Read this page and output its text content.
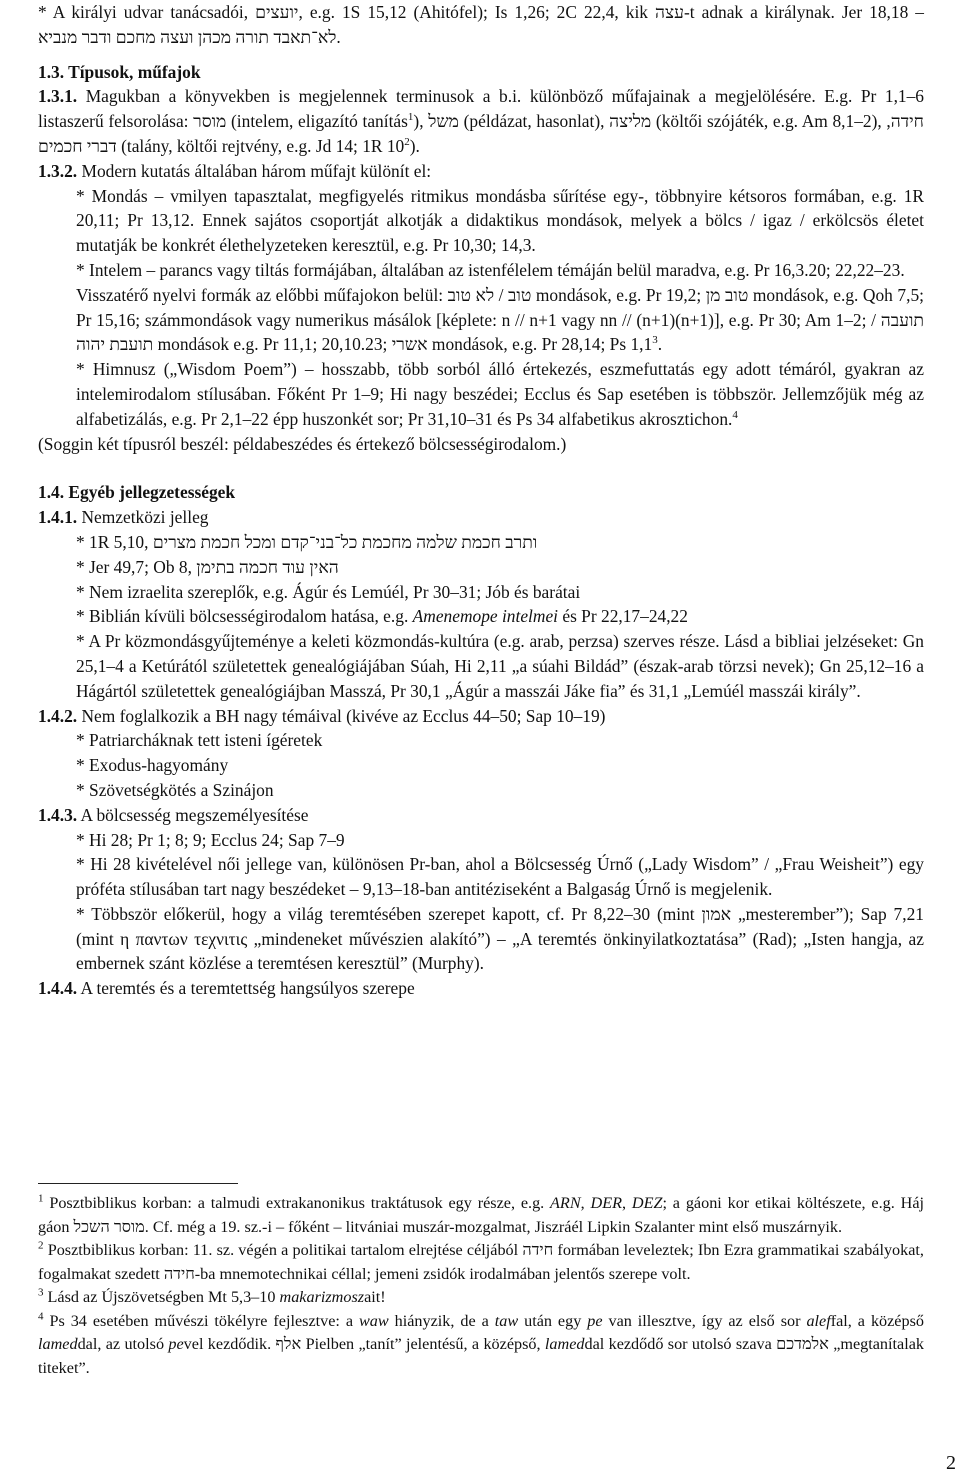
* A királyi udvar tanácsadói, יועצים, e.g. 1S 15,12 (Ahitófel); Is 1,26; 2C 22,4, kik עצה-t adnak a királynak. Jer 18,18 – לא־תאבד תורה מכהן ועצה מחכם ודבר מנביא.

1.3. Típusok, műfajok

1.3.1. Magukban a könyvekben is megjelennek terminusok a b.i. különböző műfajainak a megjelölésére. E.g. Pr 1,1–6 listaszerű felsorolása: מוסר (intelem, eligazító tanítás$^1$), משל (példázat, hasonlat), מליצה (költői szójáték, e.g. Am 8,1–2), חידה, דברי חכמים (talány, költői rejtvény, e.g. Jd 14; 1R $10^2$).

1.3.2. Modern kutatás általában három műfajt különít el:

* Mondás – vmilyen tapasztalat, megfigyelés ritmikus mondásba sűrítése egy-, többnyire kétsoros formában, e.g. 1R 20,11; Pr 13,12. Ennek sajátos csoportját alkotják a didaktikus mondások, melyek a bölcs / igaz / erkölcsös életet mutatják be konkrét élethelyzeteken keresztül, e.g. Pr 10,30; 14,3.

* Intelem – parancs vagy tiltás formájában, általában az istenfélelem témáján belül maradva, e.g. Pr 16,3.20; 22,22–23.

Visszatérő nyelvi formák az előbbi műfajokon belül: טוב / לא טוב mondások, e.g. Pr 19,2; טוב מן mondások, e.g. Qoh 7,5; Pr 15,16; számmondások vagy numerikus másálok [képlete: n // n+1 vagy nn // (n+1)(n+1)], e.g. Pr 30; Am 1–2; תועבה / תועבת יהוה mondások e.g. Pr 11,1; 20,10.23; אשרי mondások, e.g. Pr 28,14; Ps $1,1^3$.

* Himnusz („Wisdom Poem”) – hosszabb, több sorból álló értekezés, eszmefuttatás egy adott témáról, gyakran az intelemirodalom stílusában. Főként Pr 1–9; Hi nagy beszédei; Ecclus és Sap esetében is többször. Jellemzőjük még az alfabetizálás, e.g. Pr 2,1–22 épp huszonkét sor; Pr 31,10–31 és Ps 34 alfabetikus akrosztichon.$^4$

(Soggin két típusról beszél: példabeszédes és értekező bölcsességirodalom.)

1.4. Egyéb jellegzetességek

1.4.1. Nemzetközi jelleg

* 1R 5,10, ותרב חכמת שלמה מחכמת כל־בני־קדם ומכל חכמת מצרים

* Jer 49,7; Ob 8, האין עוד חכמה בתימן

* Nem izraelita szereplők, e.g. Ágúr és Lemúél, Pr 30–31; Jób és barátai

* Biblián kívüli bölcsességirodalom hatása, e.g. Amenemope intelmei és Pr 22,17–24,22

* A Pr közmondásgyűjteménye a keleti közmondás-kultúra (e.g. arab, perzsa) szerves része. Lásd a bibliai jelzéseket: Gn 25,1–4 a Ketúrától születettek genealógiájában Súah, Hi 2,11 „a súahi Bildád” (észak-arab törzsi nevek); Gn 25,12–16 a Hágártól születettek genealógiájban Masszá, Pr 30,1 „Ágúr a masszái Jáke fia” és 31,1 „Lemúél masszái király”.

1.4.2. Nem foglalkozik a BH nagy témáival (kivéve az Ecclus 44–50; Sap 10–19)

* Patriarcháknak tett isteni ígéretek

* Exodus-hagyomány

* Szövetségkötés a Szinájon

1.4.3. A bölcsesség megszemélyesítése

* Hi 28; Pr 1; 8; 9; Ecclus 24; Sap 7–9

* Hi 28 kivételével női jellege van, különösen Pr-ban, ahol a Bölcsesség Úrnő („Lady Wisdom” / „Frau Weisheit”) egy próféta stílusában tart nagy beszédeket – 9,13–18-ban antitéziseként a Balgaság Úrnő is megjelenik.

* Többször előkerül, hogy a világ teremtésében szerepet kapott, cf. Pr 8,22–30 (mint אמון „mesterember”); Sap 7,21 (mint η παντων τεχνιτις „mindeneket művészien alakító”) – „A teremtés önkinyilatkoztatása” (Rad); „Isten hangja, az embernek szánt közlése a teremtésen keresztül” (Murphy).

1.4.4. A teremtés és a teremtettség hangsúlyos szerepe

$^1$ Posztbiblikus korban: a talmudi extrakanonikus traktátusok egy része, e.g. ARN, DER, DEZ; a gáoni kor etikai költészete, e.g. Háj gáon מוסר השכל. Cf. még a 19. sz.-i – főként – litvániai muszár-mozgalmat, Jiszráél Lipkin Szalanter mint első muszárnyik.

$^2$ Posztbiblikus korban: 11. sz. végén a politikai tartalom elrejtése céljából חידה formában leveleztek; Ibn Ezra grammatikai szabályokat, fogalmakat szedett חידה-ba mnemotechnikai céllal; jemeni zsidók irodalmában jelentős szerepe volt.

$^3$ Lásd az Újszövetségben Mt 5,3–10 makarizmoszait!

$^4$ Ps 34 esetében művészi tökélyre fejlesztve: a waw hiányzik, de a taw után egy pe van illesztve, így az első sor aleffal, a középső lameddal, az utolsó pevel kezdődik. אלף Pielben „tanít” jelentésű, a középső, lameddal kezdődő sor utolsó szava אלמדכם „megtanítalak titeket”.

2
